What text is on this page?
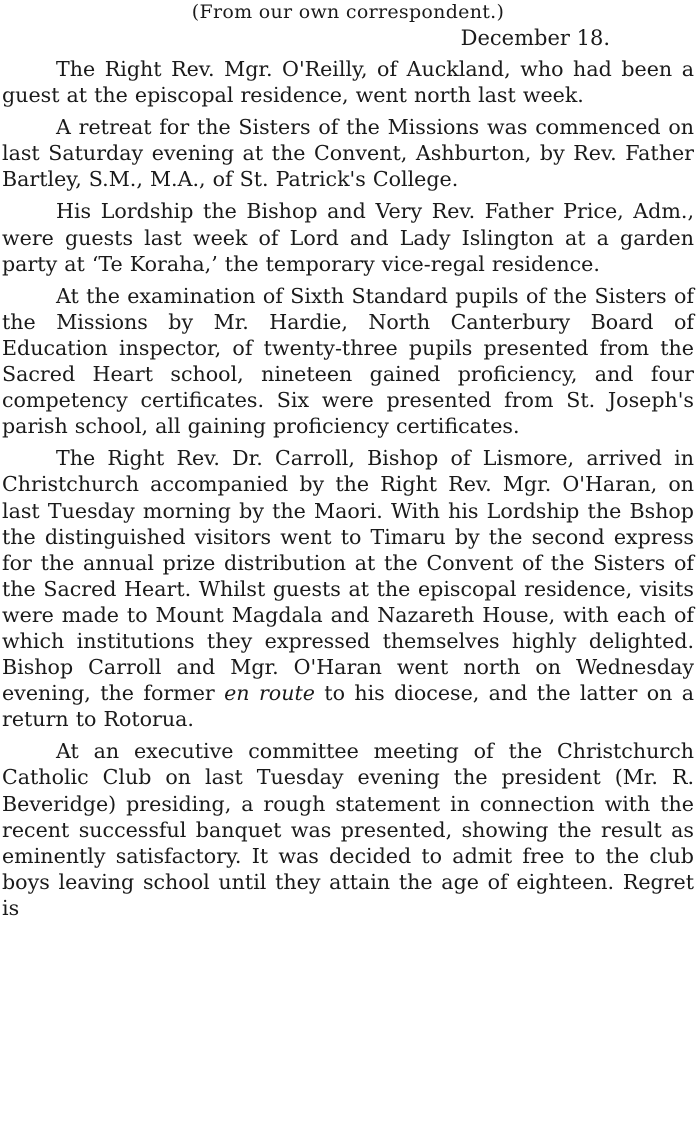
(From our own correspondent.)

December 18.

The Right Rev. Mgr. O'Reilly, of Auckland, who had been a guest at the episcopal residence, went north last week.

A retreat for the Sisters of the Missions was commenced on last Saturday evening at the Convent, Ashburton, by Rev. Father Bartley, S.M., M.A., of St. Patrick's College.

His Lordship the Bishop and Very Rev. Father Price, Adm., were guests last week of Lord and Lady Islington at a garden party at ‘Te Koraha,’ the temporary vice-regal residence.

At the examination of Sixth Standard pupils of the Sisters of the Missions by Mr. Hardie, North Canterbury Board of Education inspector, of twenty-three pupils presented from the Sacred Heart school, nineteen gained proficiency, and four competency certificates. Six were presented from St. Joseph's parish school, all gaining proficiency certificates.

The Right Rev. Dr. Carroll, Bishop of Lismore, arrived in Christchurch accompanied by the Right Rev. Mgr. O'Haran, on last Tuesday morning by the Maori. With his Lordship the Bshop the distinguished visitors went to Timaru by the second express for the annual prize distribution at the Convent of the Sisters of the Sacred Heart. Whilst guests at the episcopal residence, visits were made to Mount Magdala and Nazareth House, with each of which institutions they expressed themselves highly delighted. Bishop Carroll and Mgr. O'Haran went north on Wednesday evening, the former en route to his diocese, and the latter on a return to Rotorua.

At an executive committee meeting of the Christchurch Catholic Club on last Tuesday evening the president (Mr. R. Beveridge) presiding, a rough statement in connection with the recent successful banquet was presented, showing the result as eminently satisfactory. It was decided to admit free to the club boys leaving school until they attain the age of eighteen. Regret is
